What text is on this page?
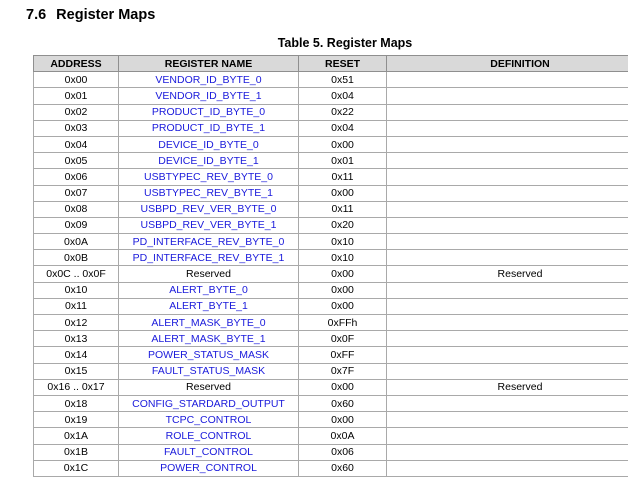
7.6 Register Maps
Table 5. Register Maps
ADDRESS	REGISTER NAME	RESET	DEFINITION
0x00	VENDOR_ID_BYTE_0	0x51	
0x01	VENDOR_ID_BYTE_1	0x04	
0x02	PRODUCT_ID_BYTE_0	0x22	
0x03	PRODUCT_ID_BYTE_1	0x04	
0x04	DEVICE_ID_BYTE_0	0x00	
0x05	DEVICE_ID_BYTE_1	0x01	
0x06	USBTYPEC_REV_BYTE_0	0x11	
0x07	USBTYPEC_REV_BYTE_1	0x00	
0x08	USBPD_REV_VER_BYTE_0	0x11	
0x09	USBPD_REV_VER_BYTE_1	0x20	
0x0A	PD_INTERFACE_REV_BYTE_0	0x10	
0x0B	PD_INTERFACE_REV_BYTE_1	0x10	
0x0C .. 0x0F	Reserved	0x00	Reserved
0x10	ALERT_BYTE_0	0x00	
0x11	ALERT_BYTE_1	0x00	
0x12	ALERT_MASK_BYTE_0	0xFFh	
0x13	ALERT_MASK_BYTE_1	0x0F	
0x14	POWER_STATUS_MASK	0xFF	
0x15	FAULT_STATUS_MASK	0x7F	
0x16 .. 0x17	Reserved	0x00	Reserved
0x18	CONFIG_STARDARD_OUTPUT	0x60	
0x19	TCPC_CONTROL	0x00	
0x1A	ROLE_CONTROL	0x0A	
0x1B	FAULT_CONTROL	0x06	
0x1C	POWER_CONTROL	0x60	
